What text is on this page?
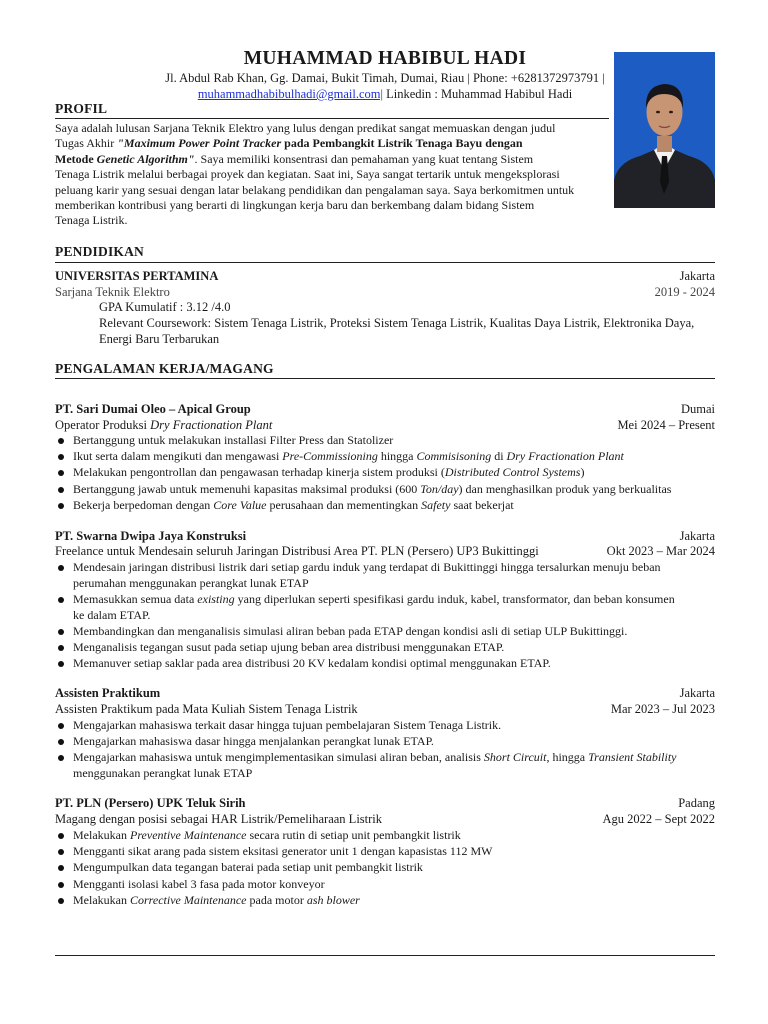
MUHAMMAD HABIBUL HADI
Jl. Abdul Rab Khan, Gg. Damai, Bukit Timah, Dumai, Riau | Phone: +6281372973791 |
muhammadhabibulhadi@gmail.com| Linkedin : Muhammad Habibul Hadi
PROFIL
Saya adalah lulusan Sarjana Teknik Elektro yang lulus dengan predikat sangat memuaskan dengan judul
Tugas Akhir "Maximum Power Point Tracker pada Pembangkit Listrik Tenaga Bayu dengan
Metode Genetic Algorithm". Saya memiliki konsentrasi dan pemahaman yang kuat tentang Sistem
Tenaga Listrik melalui berbagai proyek dan kegiatan. Saat ini, Saya sangat tertarik untuk mengeksplorasi
peluang karir yang sesuai dengan latar belakang pendidikan dan pengalaman saya. Saya berkomitmen untuk
memberikan kontribusi yang berarti di lingkungan kerja baru dan berkembang dalam bidang Sistem
Tenaga Listrik.
PENDIDIKAN
UNIVERSITAS PERTAMINA	Jakarta
Sarjana Teknik Elektro	2019 - 2024
GPA Kumulatif : 3.12 /4.0
Relevant Coursework: Sistem Tenaga Listrik, Proteksi Sistem Tenaga Listrik, Kualitas Daya Listrik, Elektronika Daya,
Energi Baru Terbarukan
PENGALAMAN KERJA/MAGANG
PT. Sari Dumai Oleo – Apical Group	Dumai
Operator Produksi Dry Fractionation Plant	Mei 2024 – Present
Bertanggung untuk melakukan installasi Filter Press dan Statolizer
Ikut serta dalam mengikuti dan mengawasi Pre-Commissioning hingga Commisisoning di Dry Fractionation Plant
Melakukan pengontrollan dan pengawasan terhadap kinerja sistem produksi (Distributed Control Systems)
Bertanggung jawab untuk memenuhi kapasitas maksimal produksi (600 Ton/day) dan menghasilkan produk yang berkualitas
Bekerja berpedoman dengan Core Value perusahaan dan mementingkan Safety saat bekerjat
PT. Swarna Dwipa Jaya Konstruksi	Jakarta
Freelance untuk Mendesain seluruh Jaringan Distribusi Area PT. PLN (Persero) UP3 Bukittinggi	Okt 2023 – Mar 2024
Mendesain jaringan distribusi listrik dari setiap gardu induk yang terdapat di Bukittinggi hingga tersalurkan menuju beban
perumahan menggunakan perangkat lunak ETAP
Memasukkan semua data existing yang diperlukan seperti spesifikasi gardu induk, kabel, transformator, dan beban konsumen
ke dalam ETAP.
Membandingkan dan menganalisis simulasi aliran beban pada ETAP dengan kondisi asli di setiap ULP Bukittinggi.
Menganalisis tegangan susut pada setiap ujung beban area distribusi menggunakan ETAP.
Memanuver setiap saklar pada area distribusi 20 KV kedalam kondisi optimal menggunakan ETAP.
Assisten Praktikum	Jakarta
Assisten Praktikum pada Mata Kuliah Sistem Tenaga Listrik	Mar 2023 – Jul 2023
Mengajarkan mahasiswa terkait dasar hingga tujuan pembelajaran Sistem Tenaga Listrik.
Mengajarkan mahasiswa dasar hingga menjalankan perangkat lunak ETAP.
Mengajarkan mahasiswa untuk mengimplementasikan simulasi aliran beban, analisis Short Circuit, hingga Transient Stability
menggunakan perangkat lunak ETAP
PT. PLN (Persero) UPK Teluk Sirih	Padang
Magang dengan posisi sebagai HAR Listrik/Pemeliharaan Listrik	Agu 2022 – Sept 2022
Melakukan Preventive Maintenance secara rutin di setiap unit pembangkit listrik
Mengganti sikat arang pada sistem eksitasi generator unit 1 dengan kapasistas 112 MW
Mengumpulkan data tegangan baterai pada setiap unit pembangkit listrik
Mengganti isolasi kabel 3 fasa pada motor konveyor
Melakukan Corrective Maintenance pada motor ash blower
